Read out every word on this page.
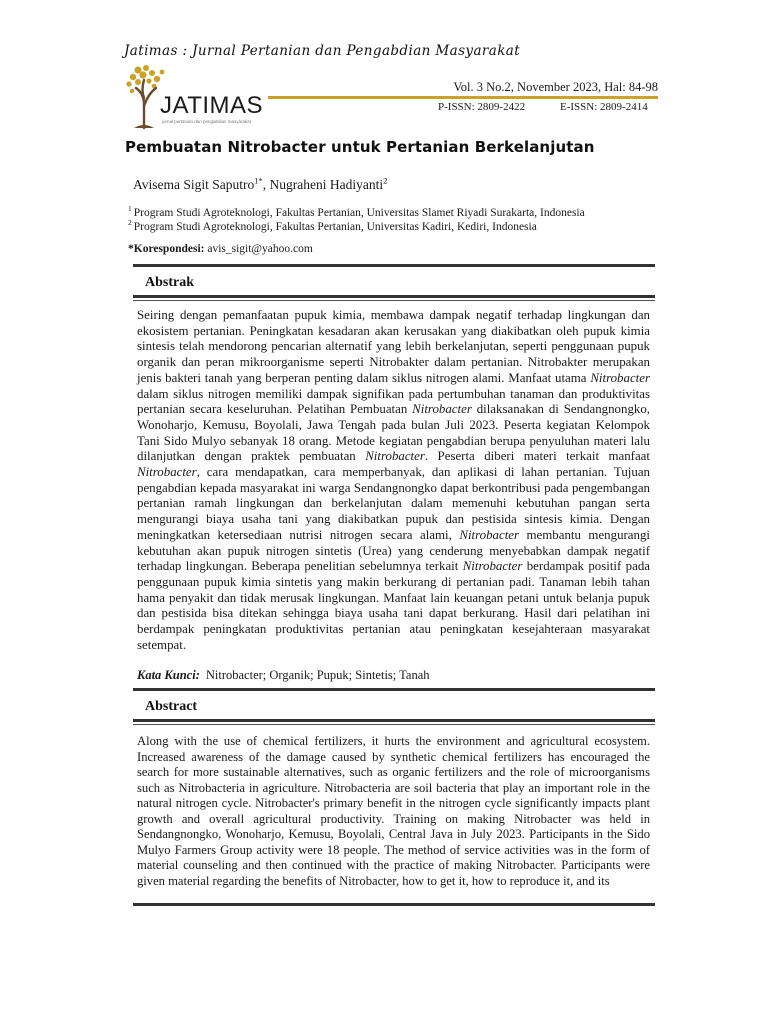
Jatimas : Jurnal Pertanian dan Pengabdian Masyarakat
JATIMAS
jurnal pertanian dan pengabdian masyarakat
Vol. 3 No.2, November 2023, Hal: 84-98
P-ISSN: 2809-2422	E-ISSN: 2809-2414
Pembuatan Nitrobacter untuk Pertanian Berkelanjutan
Avisema Sigit Saputro$^{1*}$, Nugraheni Hadiyanti$^2$
$^1$ Program Studi Agroteknologi, Fakultas Pertanian, Universitas Slamet Riyadi Surakarta, Indonesia
$^2$ Program Studi Agroteknologi, Fakultas Pertanian, Universitas Kadiri, Kediri, Indonesia
*Korespondesi: avis_sigit@yahoo.com
Abstrak
Seiring dengan pemanfaatan pupuk kimia, membawa dampak negatif terhadap lingkungan dan ekosistem pertanian. Peningkatan kesadaran akan kerusakan yang diakibatkan oleh pupuk kimia sintesis telah mendorong pencarian alternatif yang lebih berkelanjutan, seperti penggunaan pupuk organik dan peran mikroorganisme seperti Nitrobakter dalam pertanian. Nitrobakter merupakan jenis bakteri tanah yang berperan penting dalam siklus nitrogen alami. Manfaat utama Nitrobacter dalam siklus nitrogen memiliki dampak signifikan pada pertumbuhan tanaman dan produktivitas pertanian secara keseluruhan. Pelatihan Pembuatan Nitrobacter dilaksanakan di Sendangnongko, Wonoharjo, Kemusu, Boyolali, Jawa Tengah pada bulan Juli 2023. Peserta kegiatan Kelompok Tani Sido Mulyo sebanyak 18 orang. Metode kegiatan pengabdian berupa penyuluhan materi lalu dilanjutkan dengan praktek pembuatan Nitrobacter. Peserta diberi materi terkait manfaat Nitrobacter, cara mendapatkan, cara memperbanyak, dan aplikasi di lahan pertanian. Tujuan pengabdian kepada masyarakat ini warga Sendangnongko dapat berkontribusi pada pengembangan pertanian ramah lingkungan dan berkelanjutan dalam memenuhi kebutuhan pangan serta mengurangi biaya usaha tani yang diakibatkan pupuk dan pestisida sintesis kimia. Dengan meningkatkan ketersediaan nutrisi nitrogen secara alami, Nitrobacter membantu mengurangi kebutuhan akan pupuk nitrogen sintetis (Urea) yang cenderung menyebabkan dampak negatif terhadap lingkungan. Beberapa penelitian sebelumnya terkait Nitrobacter berdampak positif pada penggunaan pupuk kimia sintetis yang makin berkurang di pertanian padi. Tanaman lebih tahan hama penyakit dan tidak merusak lingkungan. Manfaat lain keuangan petani untuk belanja pupuk dan pestisida bisa ditekan sehingga biaya usaha tani dapat berkurang. Hasil dari pelatihan ini berdampak peningkatan produktivitas pertanian atau peningkatan kesejahteraan masyarakat setempat.
Kata Kunci: Nitrobacter; Organik; Pupuk; Sintetis; Tanah
Abstract
Along with the use of chemical fertilizers, it hurts the environment and agricultural ecosystem. Increased awareness of the damage caused by synthetic chemical fertilizers has encouraged the search for more sustainable alternatives, such as organic fertilizers and the role of microorganisms such as Nitrobacteria in agriculture. Nitrobacteria are soil bacteria that play an important role in the natural nitrogen cycle. Nitrobacter's primary benefit in the nitrogen cycle significantly impacts plant growth and overall agricultural productivity. Training on making Nitrobacter was held in Sendangnongko, Wonoharjo, Kemusu, Boyolali, Central Java in July 2023. Participants in the Sido Mulyo Farmers Group activity were 18 people. The method of service activities was in the form of material counseling and then continued with the practice of making Nitrobacter. Participants were given material regarding the benefits of Nitrobacter, how to get it, how to reproduce it, and its
